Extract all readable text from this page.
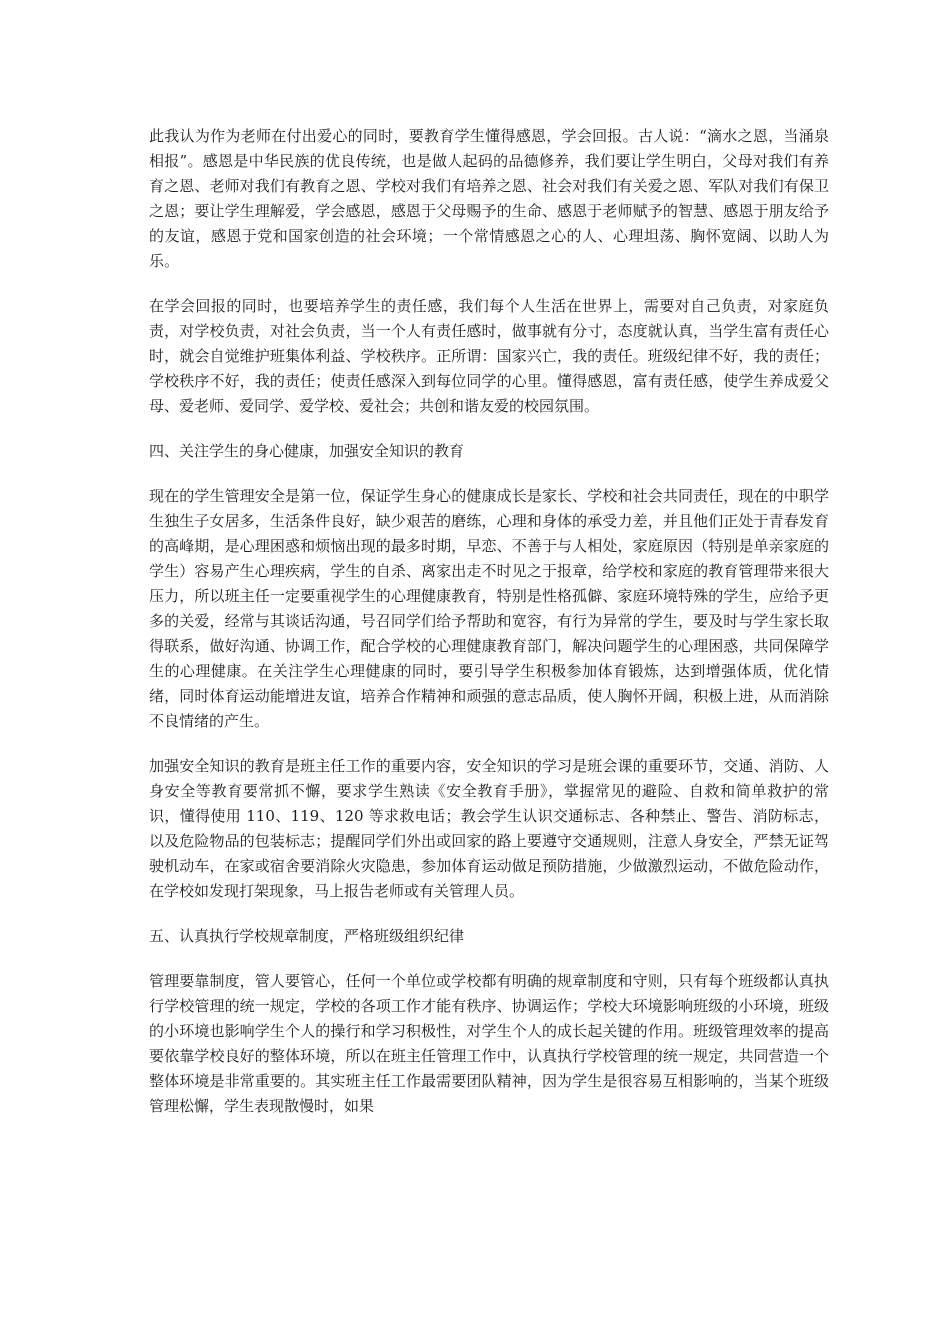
此我认为作为老师在付出爱心的同时，要教育学生懂得感恩，学会回报。古人说：“滴水之恩，当涌泉相报”。感恩是中华民族的优良传统，也是做人起码的品德修养，我们要让学生明白，父母对我们有养育之恩、老师对我们有教育之恩、学校对我们有培养之恩、社会对我们有关爱之恩、军队对我们有保卫之恩；要让学生理解爱，学会感恩，感恩于父母赐予的生命、感恩于老师赋予的智慧、感恩于朋友给予的友谊，感恩于党和国家创造的社会环境；一个常情感恩之心的人、心理坦荡、胸怀宽阔、以助人为乐。

在学会回报的同时，也要培养学生的责任感，我们每个人生活在世界上，需要对自己负责，对家庭负责，对学校负责，对社会负责，当一个人有责任感时，做事就有分寸，态度就认真，当学生富有责任心时，就会自觉维护班集体利益、学校秩序。正所谓：国家兴亡，我的责任。班级纪律不好，我的责任；学校秩序不好，我的责任；使责任感深入到每位同学的心里。懂得感恩，富有责任感，使学生养成爱父母、爱老师、爱同学、爱学校、爱社会；共创和谐友爱的校园氛围。

四、关注学生的身心健康，加强安全知识的教育

现在的学生管理安全是第一位，保证学生身心的健康成长是家长、学校和社会共同责任，现在的中职学生独生子女居多，生活条件良好，缺少艰苦的磨练，心理和身体的承受力差，并且他们正处于青春发育的高峰期，是心理困惑和烦恼出现的最多时期，早恋、不善于与人相处，家庭原因（特别是单亲家庭的学生）容易产生心理疾病，学生的自杀、离家出走不时见之于报章，给学校和家庭的教育管理带来很大压力，所以班主任一定要重视学生的心理健康教育，特别是性格孤僻、家庭环境特殊的学生，应给予更多的关爱，经常与其谈话沟通，号召同学们给予帮助和宽容，有行为异常的学生，要及时与学生家长取得联系，做好沟通、协调工作，配合学校的心理健康教育部门，解决问题学生的心理困惑，共同保障学生的心理健康。在关注学生心理健康的同时，要引导学生积极参加体育锻炼，达到增强体质，优化情绪，同时体育运动能增进友谊，培养合作精神和顽强的意志品质，使人胸怀开阔，积极上进，从而消除不良情绪的产生。

加强安全知识的教育是班主任工作的重要内容，安全知识的学习是班会课的重要环节，交通、消防、人身安全等教育要常抓不懈，要求学生熟读《安全教育手册》，掌握常见的避险、自救和简单救护的常识，懂得使用 110、119、120 等求救电话；教会学生认识交通标志、各种禁止、警告、消防标志，以及危险物品的包装标志；提醒同学们外出或回家的路上要遵守交通规则，注意人身安全，严禁无证驾驶机动车，在家或宿舍要消除火灾隐患，参加体育运动做足预防措施，少做激烈运动，不做危险动作，在学校如发现打架现象，马上报告老师或有关管理人员。

五、认真执行学校规章制度，严格班级组织纪律

管理要靠制度，管人要管心，任何一个单位或学校都有明确的规章制度和守则，只有每个班级都认真执行学校管理的统一规定，学校的各项工作才能有秩序、协调运作；学校大环境影响班级的小环境，班级的小环境也影响学生个人的操行和学习积极性，对学生个人的成长起关键的作用。班级管理效率的提高要依靠学校良好的整体环境，所以在班主任管理工作中，认真执行学校管理的统一规定，共同营造一个整体环境是非常重要的。其实班主任工作最需要团队精神，因为学生是很容易互相影响的，当某个班级管理松懈，学生表现散慢时，如果
